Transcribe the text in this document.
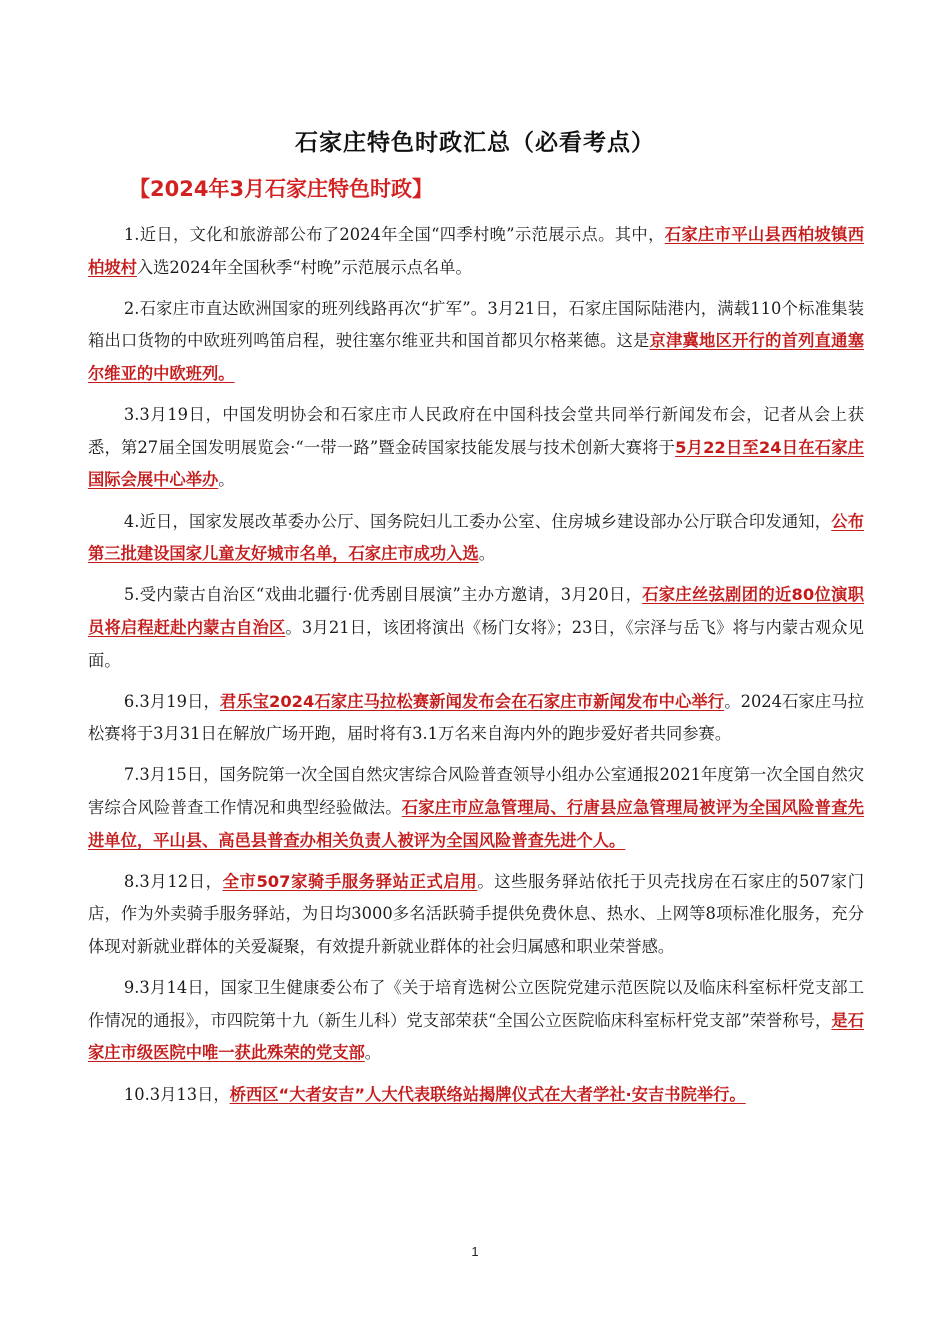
石家庄特色时政汇总（必看考点）
【2024年3月石家庄特色时政】

1.近日，文化和旅游部公布了2024年全国“四季村晚”示范展示点。其中，石家庄市平山县西柏坡镇西柏坡村入选2024年全国秋季“村晚”示范展示点名单。

2.石家庄市直达欧洲国家的班列线路再次“扩军”。3月21日，石家庄国际陆港内，满载110个标准集装箱出口货物的中欧班列鸣笛启程，驶往塞尔维亚共和国首都贝尔格莱德。这是京津冀地区开行的首列直通塞尔维亚的中欧班列。

3.3月19日，中国发明协会和石家庄市人民政府在中国科技会堂共同举行新闻发布会，记者从会上获悉，第27届全国发明展览会·“一带一路”暨金砖国家技能发展与技术创新大赛将于5月22日至24日在石家庄国际会展中心举办。

4.近日，国家发展改革委办公厅、国务院妇儿工委办公室、住房城乡建设部办公厅联合印发通知，公布第三批建设国家儿童友好城市名单，石家庄市成功入选。

5.受内蒙古自治区“戏曲北疆行·优秀剧目展演”主办方邀请，3月20日，石家庄丝弦剧团的近80位演职员将启程赶赴内蒙古自治区。3月21日，该团将演出《杨门女将》；23日，《宗泽与岳飞》将与内蒙古观众见面。

6.3月19日，君乐宝2024石家庄马拉松赛新闻发布会在石家庄市新闻发布中心举行。2024石家庄马拉松赛将于3月31日在解放广场开跑，届时将有3.1万名来自海内外的跑步爱好者共同参赛。

7.3月15日，国务院第一次全国自然灾害综合风险普查领导小组办公室通报2021年度第一次全国自然灾害综合风险普查工作情况和典型经验做法。石家庄市应急管理局、行唐县应急管理局被评为全国风险普查先进单位，平山县、高邑县普查办相关负责人被评为全国风险普查先进个人。

8.3月12日，全市507家骑手服务驿站正式启用。这些服务驿站依托于贝壳找房在石家庄的507家门店，作为外卖骑手服务驿站，为日均3000多名活跃骑手提供免费休息、热水、上网等8项标准化服务，充分体现对新就业群体的关爱凝聚，有效提升新就业群体的社会归属感和职业荣誉感。

9.3月14日，国家卫生健康委公布了《关于培育选树公立医院党建示范医院以及临床科室标杆党支部工作情况的通报》，市四院第十九（新生儿科）党支部荣获“全国公立医院临床科室标杆党支部”荣誉称号，是石家庄市级医院中唯一获此殊荣的党支部。

10.3月13日，桥西区“大者安吉”人大代表联络站揭牌仪式在大者学社·安吉书院举行。

1
